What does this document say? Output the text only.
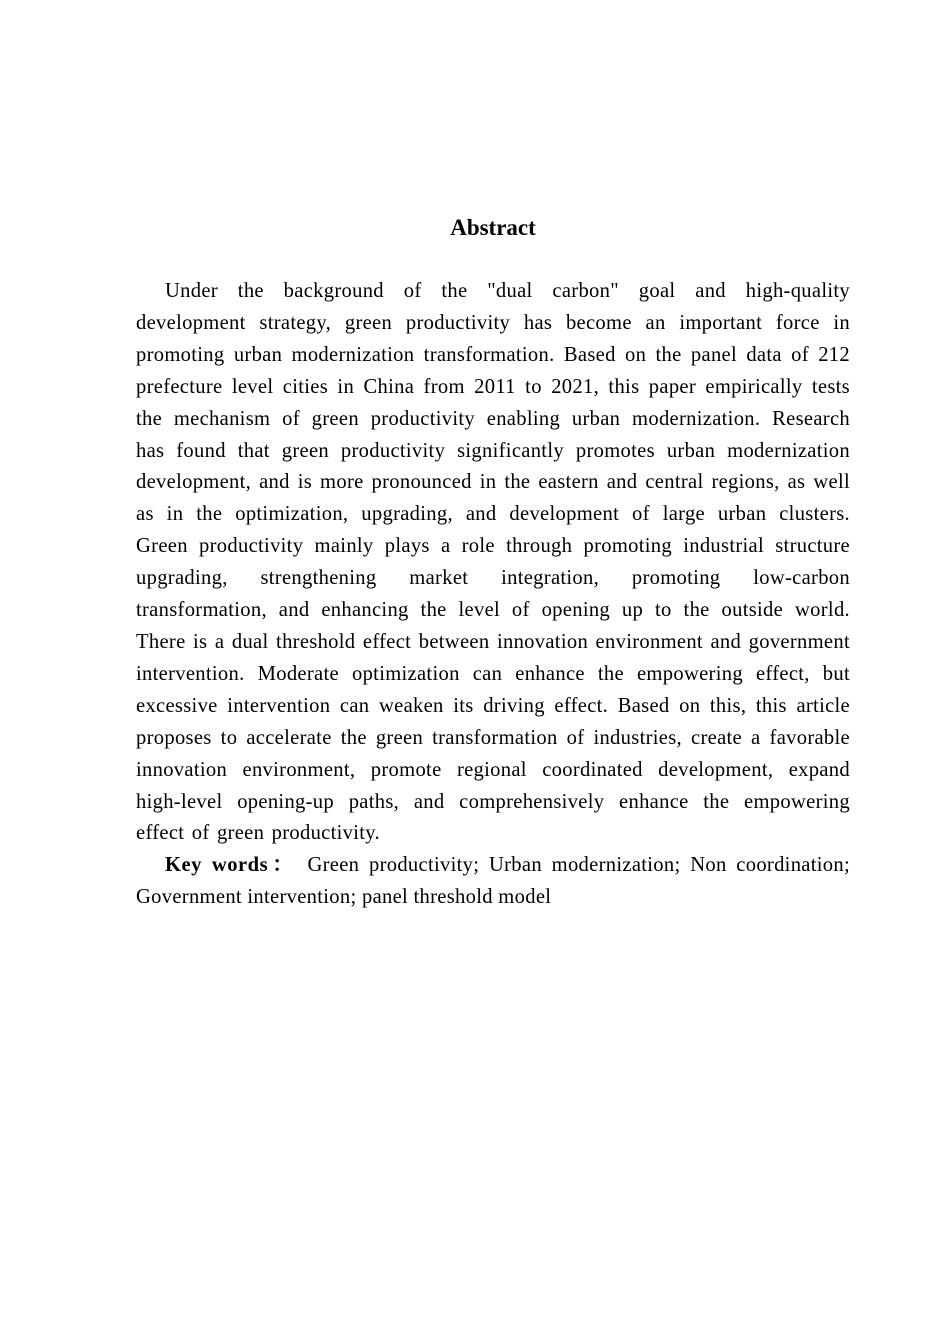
Abstract

Under the background of the "dual carbon" goal and high-quality development strategy, green productivity has become an important force in promoting urban modernization transformation. Based on the panel data of 212 prefecture level cities in China from 2011 to 2021, this paper empirically tests the mechanism of green productivity enabling urban modernization. Research has found that green productivity significantly promotes urban modernization development, and is more pronounced in the eastern and central regions, as well as in the optimization, upgrading, and development of large urban clusters. Green productivity mainly plays a role through promoting industrial structure upgrading, strengthening market integration, promoting low-carbon transformation, and enhancing the level of opening up to the outside world. There is a dual threshold effect between innovation environment and government intervention. Moderate optimization can enhance the empowering effect, but excessive intervention can weaken its driving effect. Based on this, this article proposes to accelerate the green transformation of industries, create a favorable innovation environment, promote regional coordinated development, expand high-level opening-up paths, and comprehensively enhance the empowering effect of green productivity.

Key words： Green productivity; Urban modernization; Non coordination; Government intervention; panel threshold model
